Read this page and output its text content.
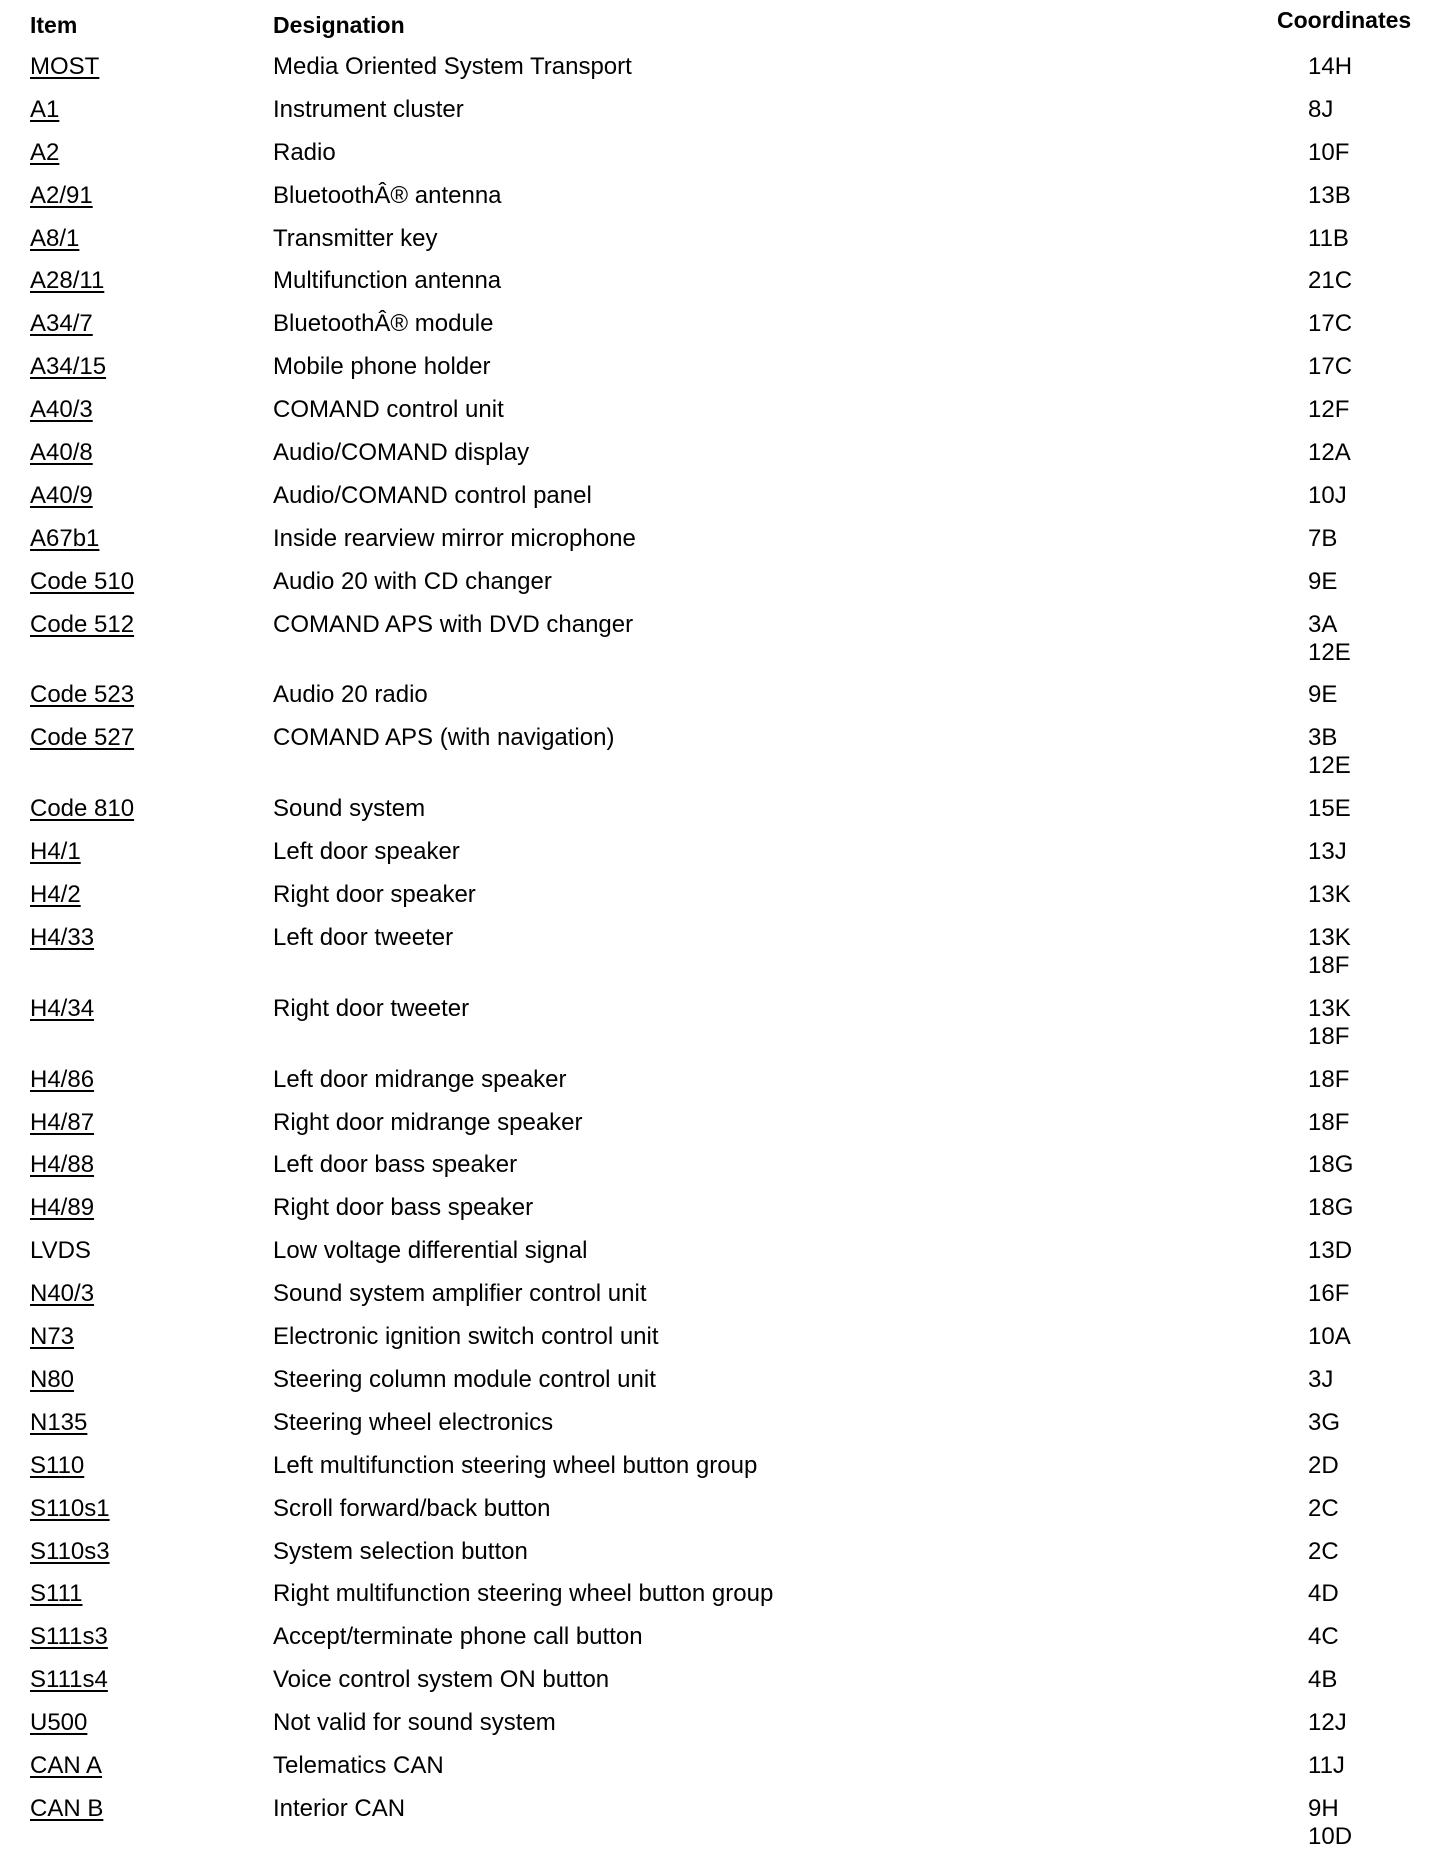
Item	Designation	Coordinates
MOST	Media Oriented System Transport	14H
A1	Instrument cluster	8J
A2	Radio	10F
A2/91	BluetoothÂ® antenna	13B
A8/1	Transmitter key	11B
A28/11	Multifunction antenna	21C
A34/7	BluetoothÂ® module	17C
A34/15	Mobile phone holder	17C
A40/3	COMAND control unit	12F
A40/8	Audio/COMAND display	12A
A40/9	Audio/COMAND control panel	10J
A67b1	Inside rearview mirror microphone	7B
Code 510	Audio 20 with CD changer	9E
Code 512	COMAND APS with DVD changer	3A
12E
Code 523	Audio 20 radio	9E
Code 527	COMAND APS (with navigation)	3B
12E
Code 810	Sound system	15E
H4/1	Left door speaker	13J
H4/2	Right door speaker	13K
H4/33	Left door tweeter	13K
18F
H4/34	Right door tweeter	13K
18F
H4/86	Left door midrange speaker	18F
H4/87	Right door midrange speaker	18F
H4/88	Left door bass speaker	18G
H4/89	Right door bass speaker	18G
LVDS	Low voltage differential signal	13D
N40/3	Sound system amplifier control unit	16F
N73	Electronic ignition switch control unit	10A
N80	Steering column module control unit	3J
N135	Steering wheel electronics	3G
S110	Left multifunction steering wheel button group	2D
S110s1	Scroll forward/back button	2C
S110s3	System selection button	2C
S111	Right multifunction steering wheel button group	4D
S111s3	Accept/terminate phone call button	4C
S111s4	Voice control system ON button	4B
U500	Not valid for sound system	12J
CAN A	Telematics CAN	11J
CAN B	Interior CAN	9H
10D
